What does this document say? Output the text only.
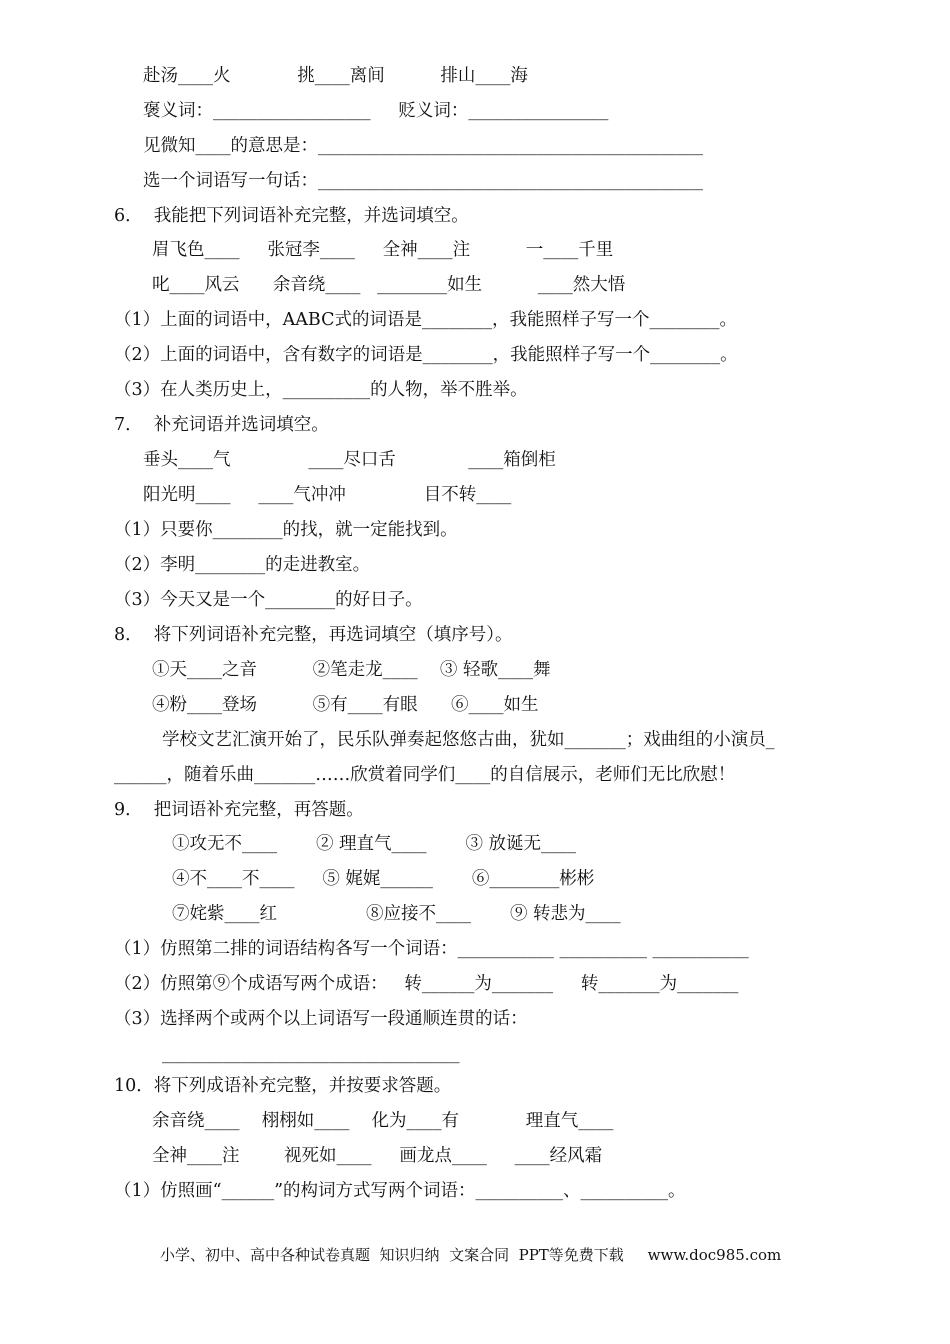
赴汤____火            挑____离间          排山____海
褒义词：__________________     贬义词：________________
见微知____的意思是：____________________________________________
选一个词语写一句话：____________________________________________
6．  我能把下列词语补充完整，并选词填空。
眉飞色____     张冠李____     全神____注          一____千里
叱____风云      余音绕____   ________如生          ____然大悟
（1）上面的词语中，AABC式的词语是________，我能照样子写一个________。
（2）上面的词语中，含有数字的词语是________，我能照样子写一个________。
（3）在人类历史上，__________的人物，举不胜举。
7．  补充词语并选词填空。
垂头____气              ____尽口舌             ____箱倒柜
阳光明____     ____气冲冲              目不转____
（1）只要你________的找，就一定能找到。
（2）李明________的走进教室。
（3）今天又是一个________的好日子。
8．  将下列词语补充完整，再选词填空（填序号）。
①天____之音          ②笔走龙____    ③ 轻歌____舞
④粉____登场          ⑤有____有眼      ⑥____如生
学校文艺汇演开始了，民乐队弹奏起悠悠古曲，犹如_______；戏曲组的小演员_
______，随着乐曲_______……欣赏着同学们____的自信展示，老师们无比欣慰！
9．  把词语补充完整，再答题。
①攻无不____       ② 理直气____       ③ 放诞无____
④不____不____     ⑤ 娓娓______       ⑥________彬彬
⑦姹紫____红                ⑧应接不____       ⑨ 转悲为____
（1）仿照第二排的词语结构各写一个词语：___________ __________ ___________
（2）仿照第⑨个成语写两个成语：   转______为_______     转_______为_______
（3）选择两个或两个以上词语写一段通顺连贯的话：
__________________________________
10．将下列成语补充完整，并按要求答题。
余音绕____    栩栩如____    化为____有            理直气____
全神____注        视死如____     画龙点____     ____经风霜
（1）仿照画“______”的构词方式写两个词语：__________、__________。
小学、初中、高中各种试卷真题  知识归纳  文案合同  PPT等免费下载     www.doc985.com
